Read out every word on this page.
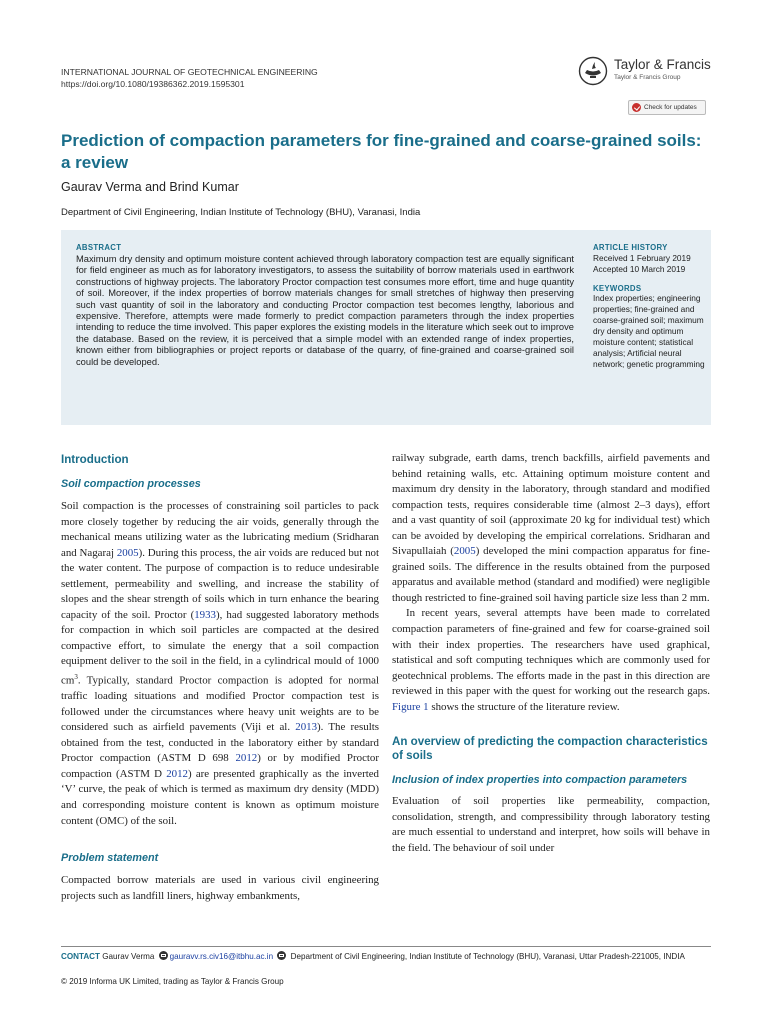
INTERNATIONAL JOURNAL OF GEOTECHNICAL ENGINEERING
https://doi.org/10.1080/19386362.2019.1595301
Taylor & Francis
Taylor & Francis Group
Check for updates
Prediction of compaction parameters for fine-grained and coarse-grained soils: a review
Gaurav Verma and Brind Kumar
Department of Civil Engineering, Indian Institute of Technology (BHU), Varanasi, India
ABSTRACT

Maximum dry density and optimum moisture content achieved through laboratory compaction test are equally significant for field engineer as much as for laboratory investigators, to assess the suitability of borrow materials used in earthwork constructions of highway projects. The laboratory Proctor compaction test consumes more effort, time and huge quantity of soil. Moreover, if the index properties of borrow materials changes for small stretches of highway then preserving such vast quantity of soil in the laboratory and conducting Proctor compaction test becomes lengthy, laborious and expensive. Therefore, attempts were made formerly to predict compaction parameters through the index properties intending to reduce the time involved. This paper explores the existing models in the literature which seek out to improve the database. Based on the review, it is perceived that a simple model with an extended range of index properties, known either from bibliographies or project reports or database of the quarry, of fine-grained and coarse-grained soil could be developed.

ARTICLE HISTORY
Received 1 February 2019
Accepted 10 March 2019
KEYWORDS

Index properties; engineering properties; fine-grained and coarse-grained soil; maximum dry density and optimum moisture content; statistical analysis; Artificial neural network; genetic programming

Introduction
Soil compaction processes

Soil compaction is the processes of constraining soil particles to pack more closely together by reducing the air voids, generally through the mechanical means utilizing water as the lubricating medium (Sridharan and Nagaraj 2005). During this process, the air voids are reduced but not the water content. The purpose of compaction is to reduce undesirable settlement, permeability and swelling, and increase the stability of slopes and the shear strength of soils which in turn enhance the bearing capacity of the soil. Proctor (1933), had suggested laboratory methods for compaction in which soil particles are compacted at the desired compactive effort, to simulate the energy that a soil compaction equipment deliver to the soil in the field, in a cylindrical mould of 1000 $cm^3$. Typically, standard Proctor compaction is adopted for normal traffic loading situations and modified Proctor compaction test is followed under the circumstances where heavy unit weights are to be considered such as airfield pavements (Viji et al. 2013). The results obtained from the test, conducted in the laboratory either by standard Proctor compaction (ASTM D 698 2012) or by modified Proctor compaction (ASTM D 2012) are presented graphically as the inverted ‘V’ curve, the peak of which is termed as maximum dry density (MDD) and corresponding moisture content is known as optimum moisture content (OMC) of the soil.

Problem statement

Compacted borrow materials are used in various civil engineering projects such as landfill liners, highway embankments,

railway subgrade, earth dams, trench backfills, airfield pavements and behind retaining walls, etc. Attaining optimum moisture content and maximum dry density in the laboratory, through standard and modified compaction tests, requires considerable time (almost 2–3 days), effort and a vast quantity of soil (approximate 20 kg for individual test) which can be avoided by developing the empirical correlations. Sridharan and Sivapullaiah (2005) developed the mini compaction apparatus for fine-grained soils. The difference in the results obtained from the purposed apparatus and available method (standard and modified) were negligible though restricted to fine-grained soil having particle size less than 2 mm.

In recent years, several attempts have been made to correlated compaction parameters of fine-grained and few for coarse-grained soil with their index properties. The researchers have used graphical, statistical and soft computing techniques which are commonly used for geotechnical problems. The efforts made in the past in this direction are reviewed in this paper with the quest for working out the research gaps. Figure 1 shows the structure of the literature review.

An overview of predicting the compaction characteristics of soils
Inclusion of index properties into compaction parameters

Evaluation of soil properties like permeability, compaction, consolidation, strength, and compressibility through laboratory testing are much essential to understand and interpret, how soils will behave in the field. The behaviour of soil under

CONTACT Gaurav Verma gauravv.rs.civ16@itbhu.ac.in  Department of Civil Engineering, Indian Institute of Technology (BHU), Varanasi, Uttar Pradesh-221005, INDIA
© 2019 Informa UK Limited, trading as Taylor & Francis Group
